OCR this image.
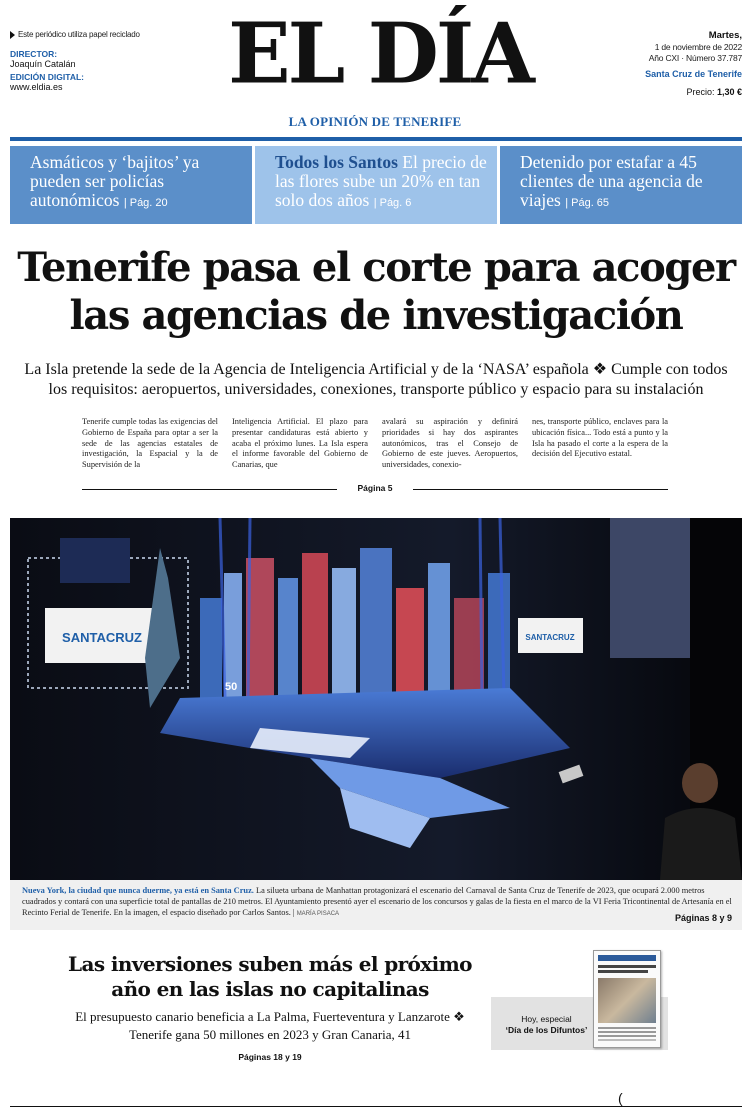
Este periódico utiliza papel reciclado
DIRECTOR:
Joaquín Catalán
EDICIÓN DIGITAL:
www.eldia.es	EL DÍA
LA OPINIÓN DE TENERIFE
Martes,
1 de noviembre de 2022
Año CXI · Número 37.787
Santa Cruz de Tenerife
Precio: 1,30 €
Asmáticos y ‘bajitos’ ya pueden ser policías autonómicos | Pág. 20
Todos los Santos El precio de las flores sube un 20% en tan solo dos años | Pág. 6
Detenido por estafar a 45 clientes de una agencia de viajes | Pág. 65
Tenerife pasa el corte para acoger las agencias de investigación
La Isla pretende la sede de la Agencia de Inteligencia Artificial y de la ‘NASA’ española ❖ Cumple con todos los requisitos: aeropuertos, universidades, conexiones, transporte público y espacio para su instalación
Tenerife cumple todas las exigencias del Gobierno de España para optar a ser la sede de las agencias estatales de investigación, la Espacial y la de Supervisión de la
Inteligencia Artificial. El plazo para presentar candidaturas está abierto y acaba el próximo lunes. La Isla espera el informe favorable del Gobierno de Canarias, que
avalará su aspiración y definirá prioridades si hay dos aspirantes autonómicos, tras el Consejo de Gobierno de este jueves. Aeropuertos, universidades, conexio-
nes, transporte público, enclaves para la ubicación física... Todo está a punto y la Isla ha pasado el corte a la espera de la decisión del Ejecutivo estatal.
Página 5
SANTACRUZ	SANTACRUZ
50
Nueva York, la ciudad que nunca duerme, ya está en Santa Cruz. La silueta urbana de Manhattan protagonizará el escenario del Carnaval de Santa Cruz de Tenerife de 2023, que ocupará 2.000 metros cuadrados y contará con una superficie total de pantallas de 210 metros. El Ayuntamiento presentó ayer el escenario de los concursos y galas de la fiesta en el marco de la VI Feria Tricontinental de Artesanía en el Recinto Ferial de Tenerife. En la imagen, el espacio diseñado por Carlos Santos. | MARÍA PISACA	Páginas 8 y 9
Las inversiones suben más el próximo año en las islas no capitalinas

El presupuesto canario beneficia a La Palma, Fuerteventura y Lanzarote ❖ Tenerife gana 50 millones en 2023 y Gran Canaria, 41

Páginas 18 y 19
Hoy, especial
‘Día de los Difuntos’
(
